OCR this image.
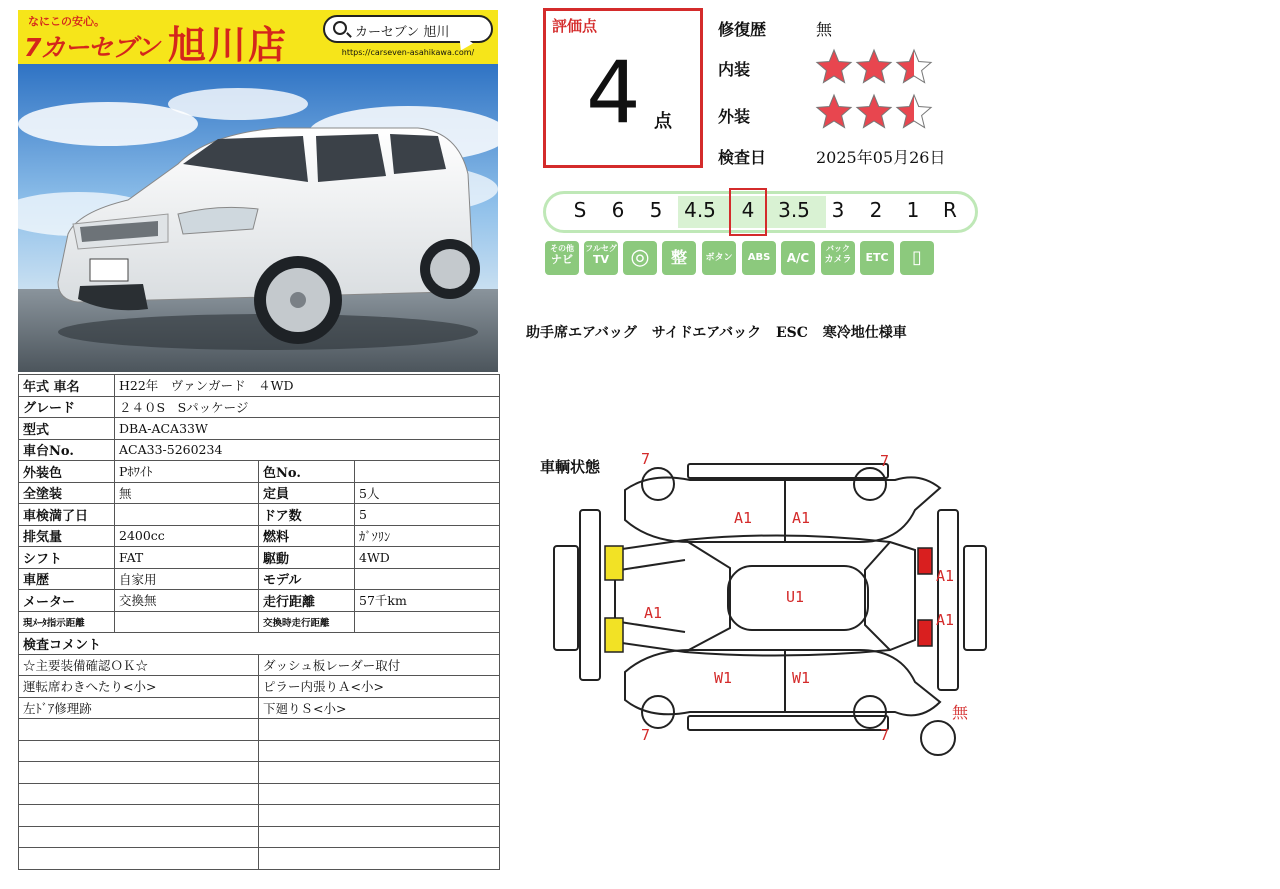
なにこの安心。
7カーセブン 旭川店	カーセブン 旭川
https://carseven-asahikawa.com/
年式 車名	H22年　ヴァンガード　４WD		
グレード	２４０S　Sパッケージ		
型式	DBA-ACA33W		
車台No.	ACA33-5260234		
外装色	Pﾎﾜｲﾄ	色No.	
全塗装	無	定員	5人
車検満了日		ドア数	5
排気量	2400cc	燃料	ｶﾞｿﾘﾝ
シフト	FAT	駆動	4WD
車歴	自家用	モデル	
メーター	交換無	走行距離	57千km
現ﾒｰﾀ指示距離		交換時走行距離	
検査コメント			
☆主要装備確認ＯＫ☆		ダッシュ板レーダー取付	
運転席わきへたり<小>		ピラー内張りＡ<小>	
左ﾄﾞｱ修理跡		下廻りＳ<小>	

評価点
4 点
修復歴	無
内装
外装
検査日	2025年05月26日
S	6	5	4.5	4	3.5	3	2	1	R
その他
ナビ
フルセグ
TV ◎	整	ボタン	ABS	A/C
バック
カメラ	ETC	▯
助手席エアバッグ サイドエアバック ESC 寒冷地仕様車
車輌状態	7	7
7	7
A1	A1
A1
U1
W1	W1
A1
A1
無
